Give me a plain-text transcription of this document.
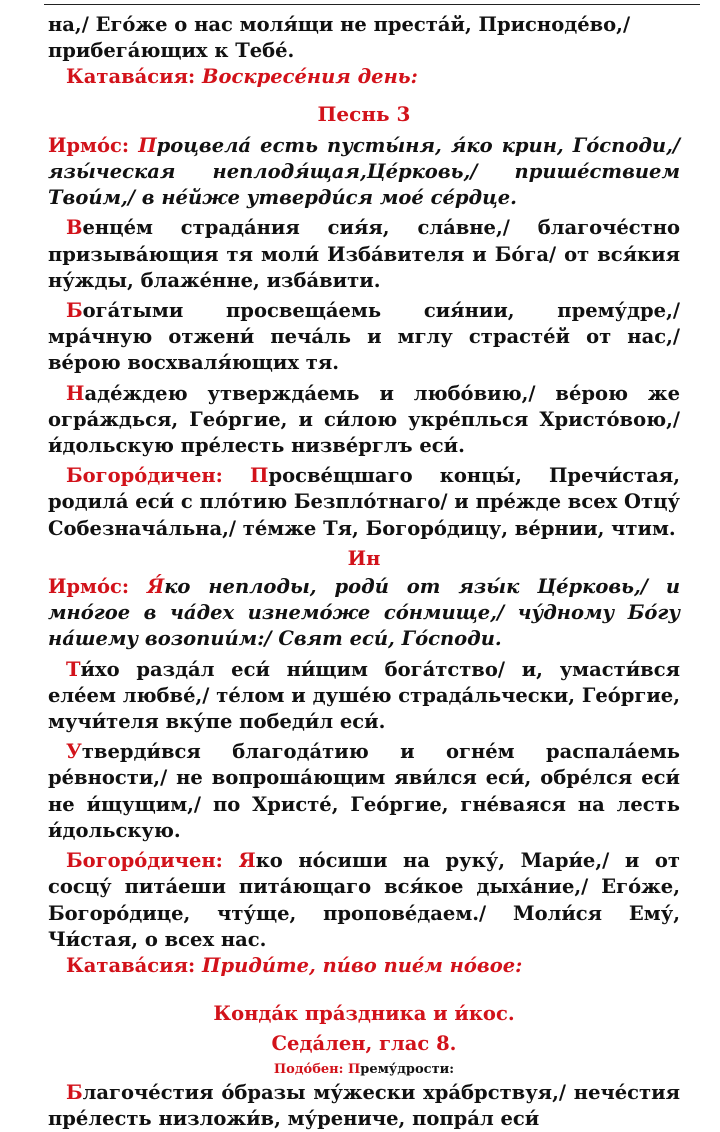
на,/ Его́же о нас моля́щи не преста́й, Присноде́во,/
прибега́ющих к Тебе́.

Катава́сия: Воскресе́ния день:

Песнь 3

Ирмо́с: Процвела́ есть пусты́ня, я́ко крин, Го́споди,/ язы́ческая неплодя́щая,Це́рковь,/ прише́ствием Твои́м,/ в не́йже утверди́ся мое́ се́рдце.

Венце́м страда́ния сия́я, сла́вне,/ благоче́стно призыва́ющия тя моли́ Изба́вителя и Бо́га/ от вся́кия ну́жды, блаже́нне, изба́вити.

Бога́тыми просвеща́емь сия́нии, прему́дре,/ мра́чную отжени́ печа́ль и мглу страсте́й от нас,/ ве́рою восхваля́ющих тя.

Наде́ждею утвержда́емь и любо́вию,/ ве́рою же огра́ждься, Гео́ргие, и си́лою укре́плься Христо́вою,/ и́дольскую пре́лесть низве́рглъ еси́.

Богоро́дичен: Просве́щшаго концы́, Пречи́стая, родила́ еси́ с пло́тию Безпло́тнаго/ и пре́жде всех Отцу́ Собезнача́льна,/ те́мже Тя, Богоро́дицу, ве́рнии, чтим.

Ин

Ирмо́с: Я́ко неплоды, роди́ от язы́к Це́рковь,/ и мно́гое в ча́дех изнемо́же со́нмище,/ чу́дному Бо́гу на́шему возопии́м:/ Свят еси́, Го́споди.

Ти́хо разда́л еси́ ни́щим бога́тство/ и, умасти́вся еле́ем любве́,/ те́лом и душе́ю страда́льчески, Гео́ргие, мучи́теля вку́пе победи́л еси́.

Утверди́вся благода́тию и огне́м распала́емь ре́вности,/ не вопроша́ющим яви́лся еси́, обре́лся еси́ не и́щущим,/ по Христе́, Гео́ргие, гне́ваяся на лесть и́дольскую.

Богоро́дичен: Яко но́сиши на руку́, Мари́е,/ и от сосцу́ пита́еши пита́ющаго вся́кое дыха́ние,/ Его́же, Богоро́дице, чту́ще, пропове́даем./ Моли́ся Ему́, Чи́стая, о всех нас.

Катава́сия: Приди́те, пи́во пие́м но́вое:

Конда́к пра́здника и и́кос.
Седа́лен, глас 8.
Подо́бен: Прему́дрости:

Благоче́стия о́бразы му́жески хра́брствуя,/ нече́стия пре́лесть низложи́в, му́рениче, попра́л еси́
